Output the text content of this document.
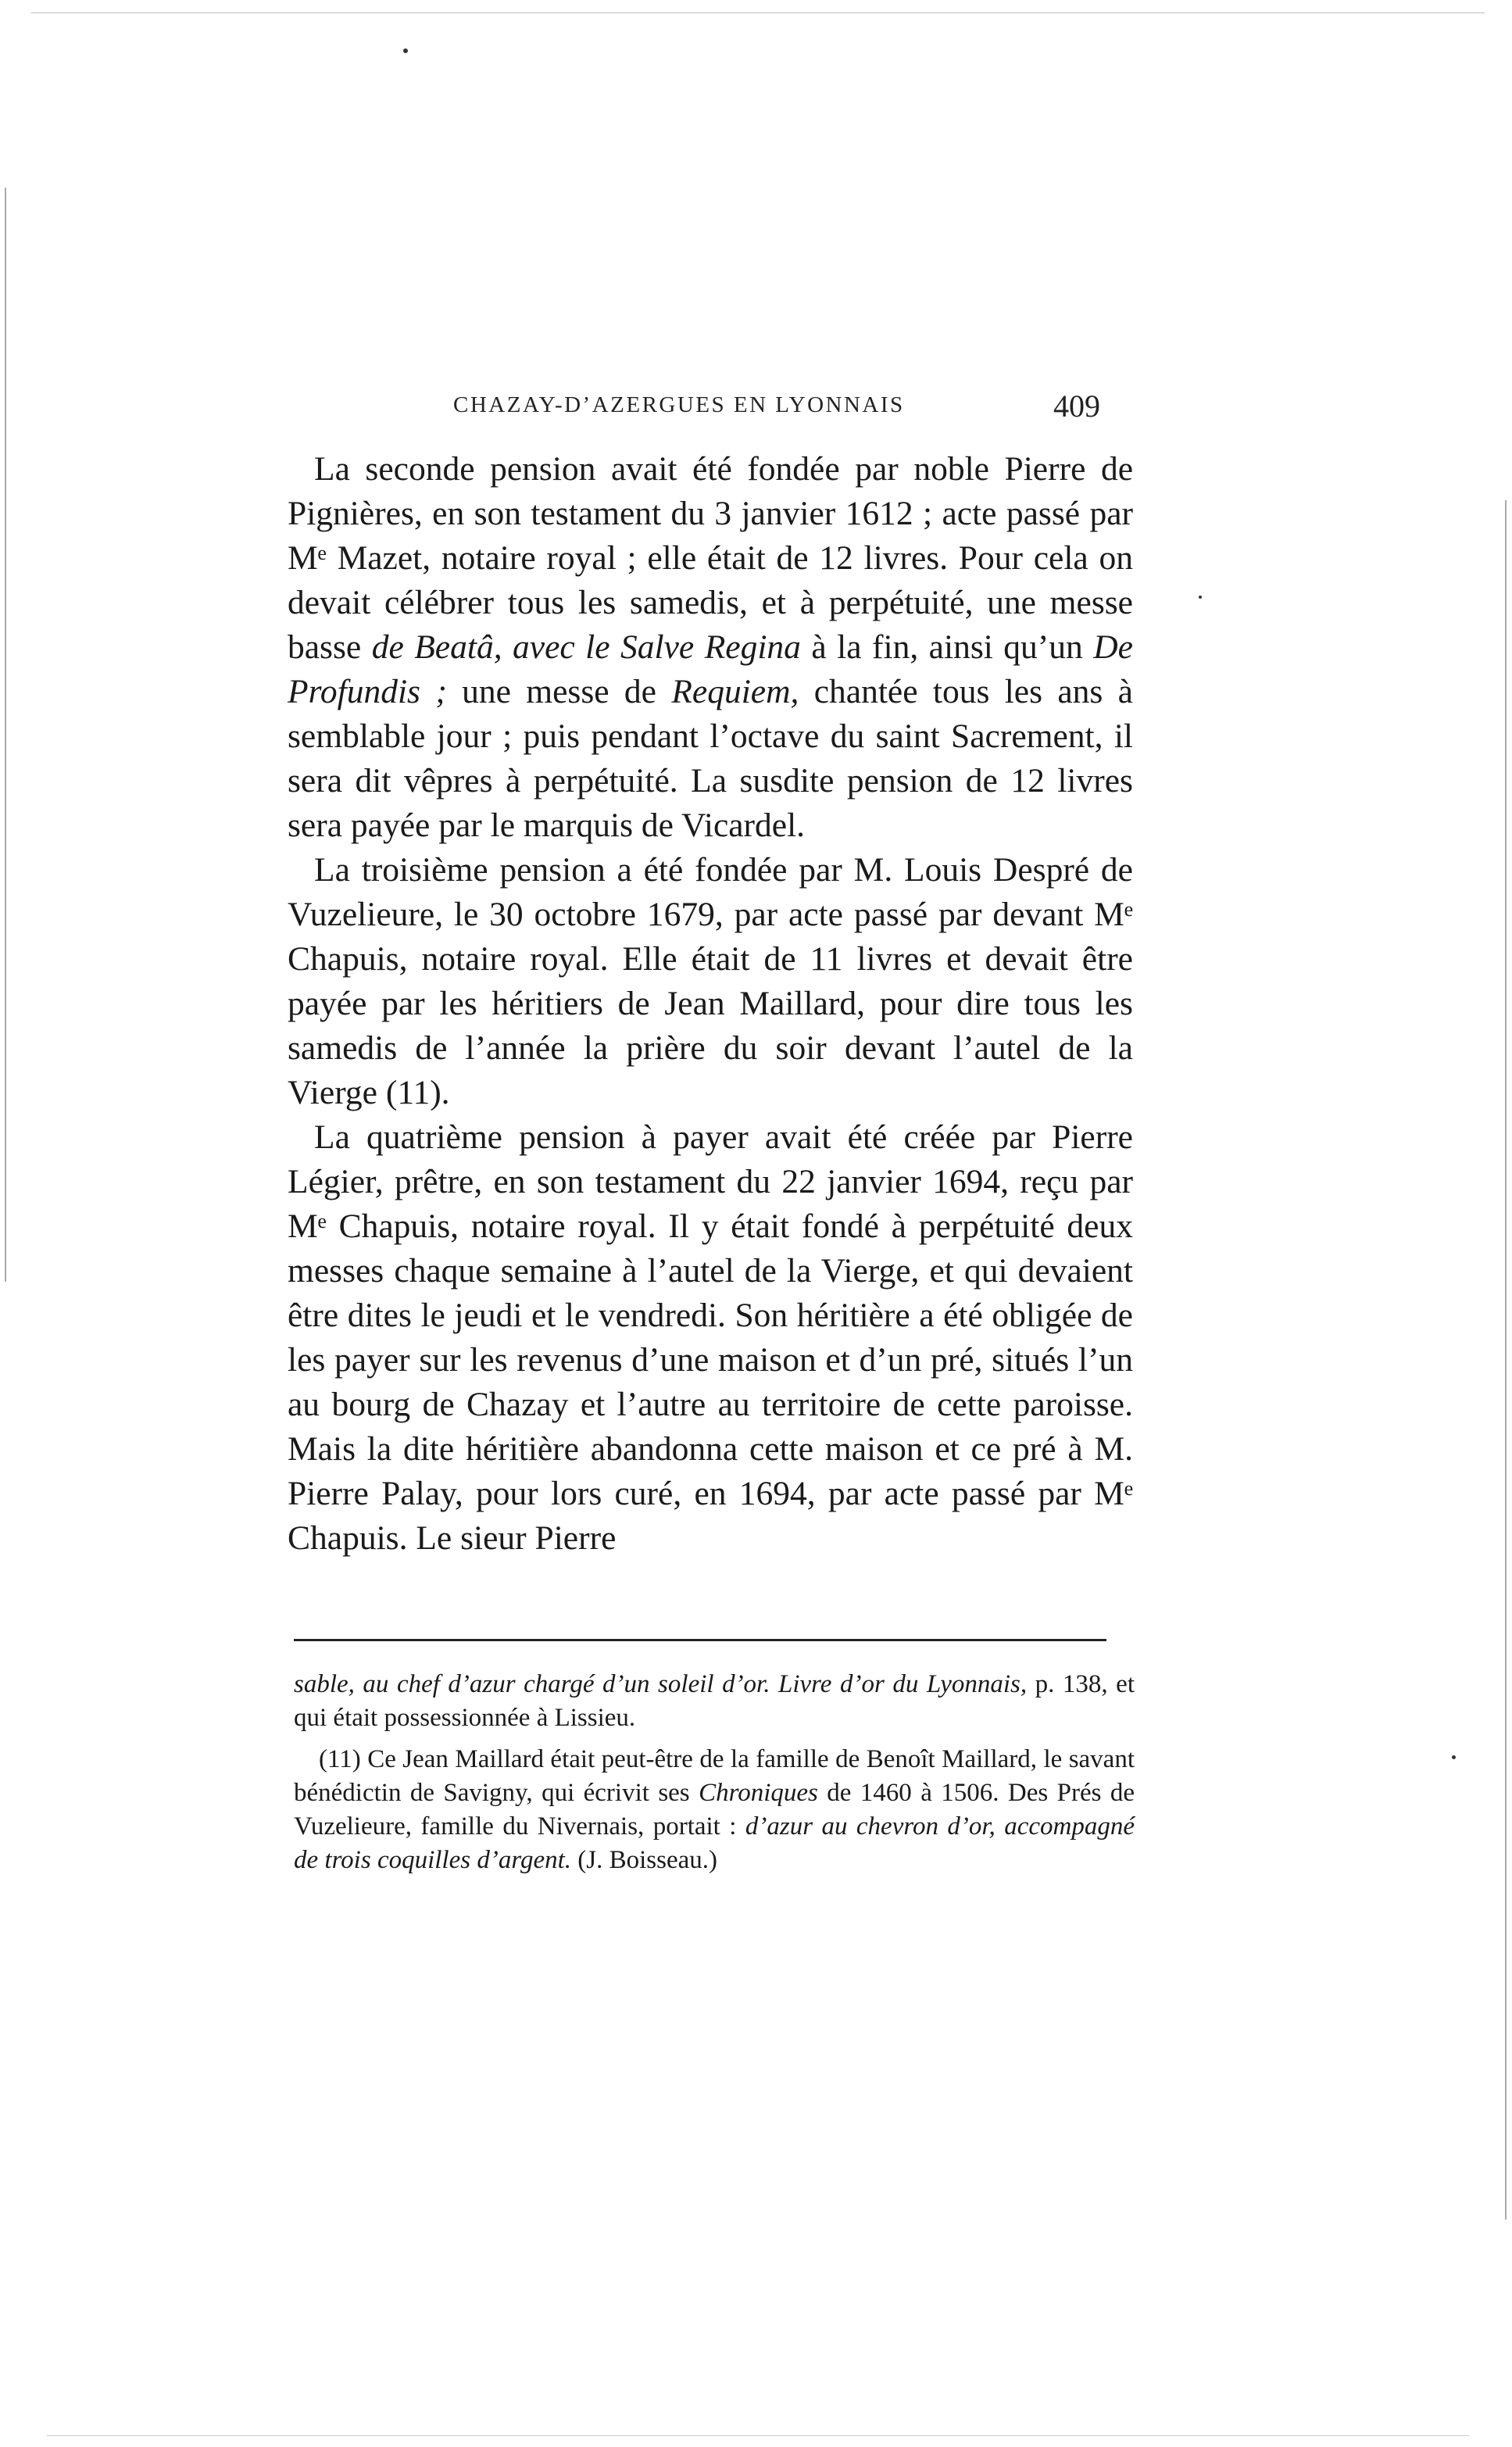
CHAZAY-D’AZERGUES EN LYONNAIS	409

La seconde pension avait été fondée par noble Pierre de Pignières, en son testament du 3 janvier 1612 ; acte passé par Mᵉ Mazet, notaire royal ; elle était de 12 livres. Pour cela on devait célébrer tous les samedis, et à perpétuité, une messe basse de Beatâ, avec le Salve Regina à la fin, ainsi qu’un De Profundis ; une messe de Requiem, chantée tous les ans à semblable jour ; puis pendant l’octave du saint Sacrement, il sera dit vêpres à perpétuité. La susdite pension de 12 livres sera payée par le marquis de Vicardel.

La troisième pension a été fondée par M. Louis Despré de Vuzelieure, le 30 octobre 1679, par acte passé par devant Mᵉ Chapuis, notaire royal. Elle était de 11 livres et devait être payée par les héritiers de Jean Maillard, pour dire tous les samedis de l’année la prière du soir devant l’autel de la Vierge (11).

La quatrième pension à payer avait été créée par Pierre Légier, prêtre, en son testament du 22 janvier 1694, reçu par Mᵉ Chapuis, notaire royal. Il y était fondé à perpétuité deux messes chaque semaine à l’autel de la Vierge, et qui devaient être dites le jeudi et le vendredi. Son héritière a été obligée de les payer sur les revenus d’une maison et d’un pré, situés l’un au bourg de Chazay et l’autre au territoire de cette paroisse. Mais la dite héritière abandonna cette maison et ce pré à M. Pierre Palay, pour lors curé, en 1694, par acte passé par Mᵉ Chapuis. Le sieur Pierre

sable, au chef d’azur chargé d’un soleil d’or. Livre d’or du Lyonnais, p. 138, et qui était possessionnée à Lissieu.

(11) Ce Jean Maillard était peut-être de la famille de Benoît Maillard, le savant bénédictin de Savigny, qui écrivit ses Chroniques de 1460 à 1506. Des Prés de Vuzelieure, famille du Nivernais, portait : d’azur au chevron d’or, accompagné de trois coquilles d’argent. (J. Boisseau.)
